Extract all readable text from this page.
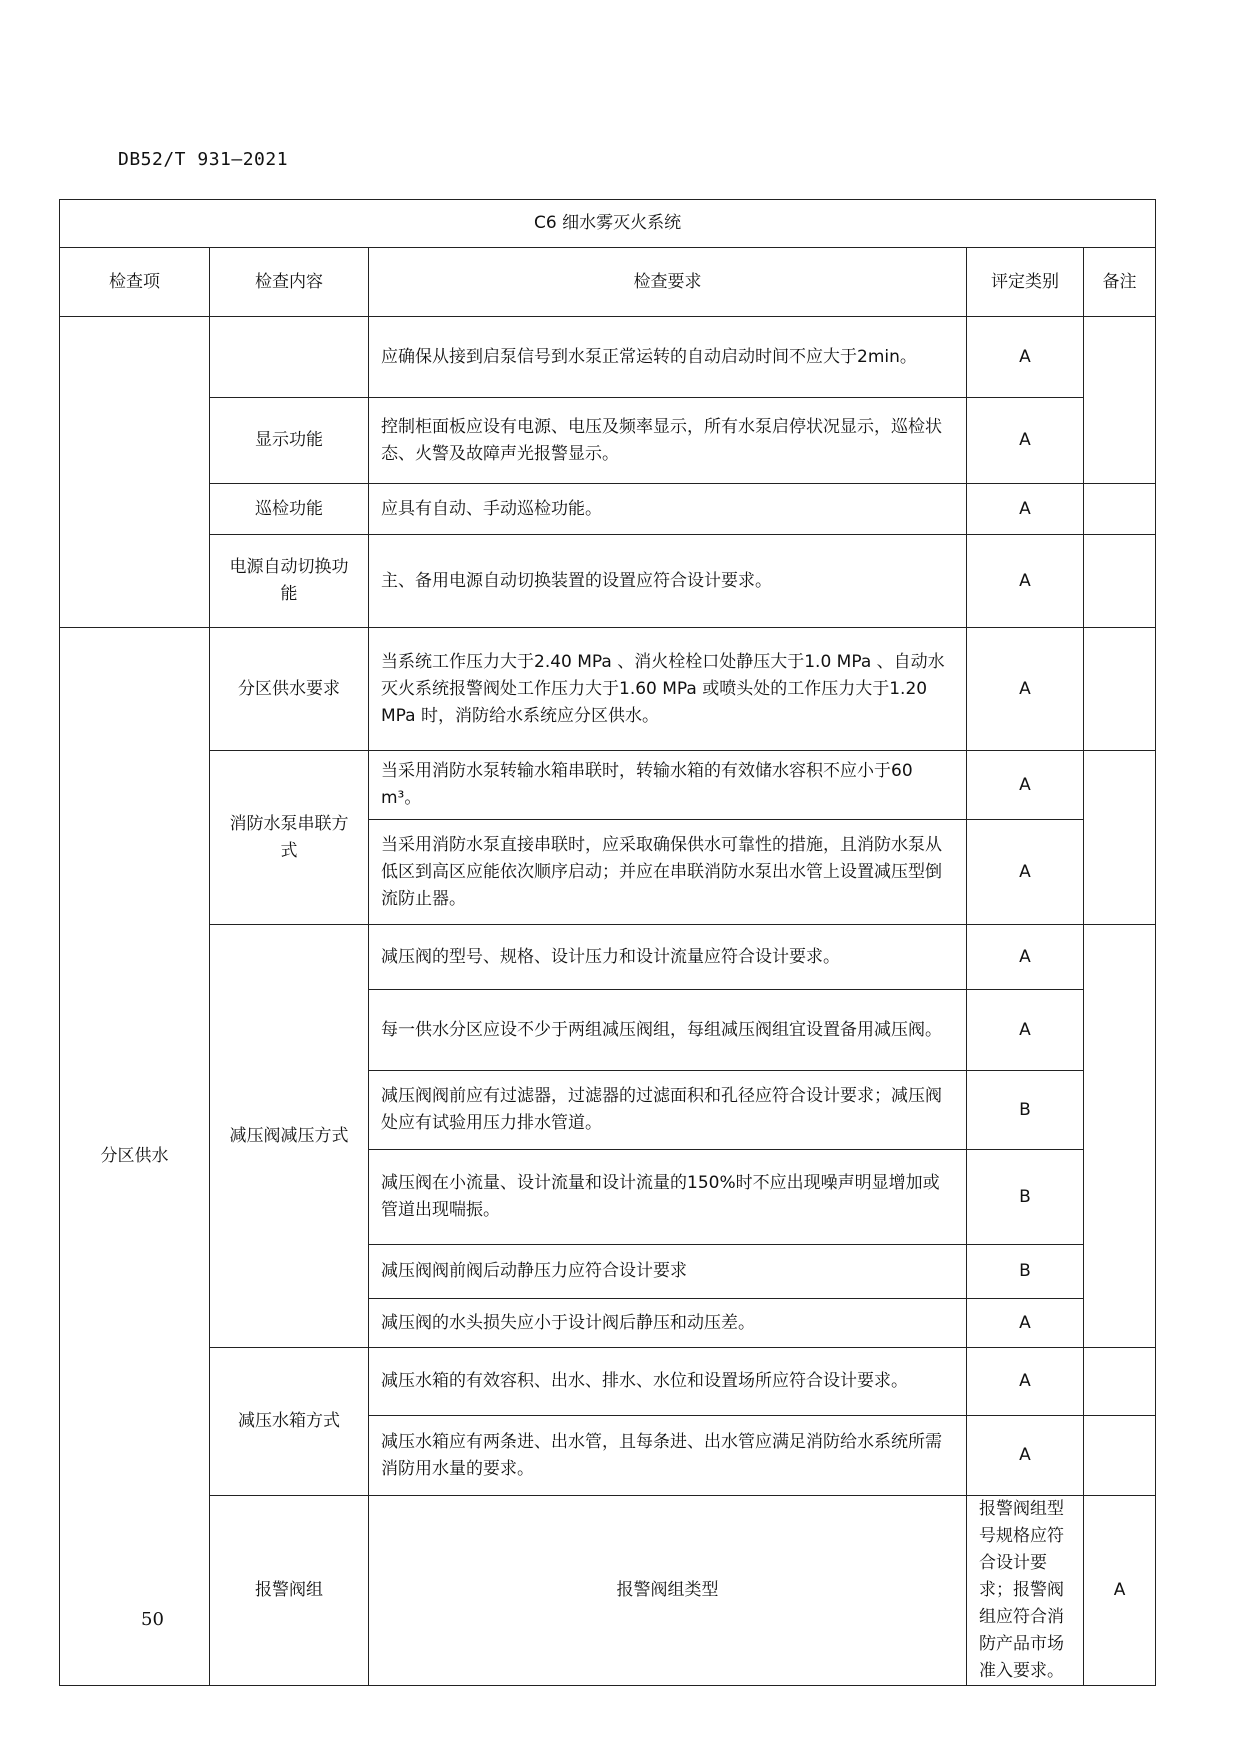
DB52/T 931—2021
C6 细水雾灭火系统					
检查项	检查内容	检查要求	评定类别	备注	
		应确保从接到启泵信号到水泵正常运转的自动启动时间不应大于2min。	A		
	显示功能	控制柜面板应设有电源、电压及频率显示，所有水泵启停状况显示，巡检状态、火警及故障声光报警显示。	A		
	巡检功能	应具有自动、手动巡检功能。	A		
	电源自动切换功能	主、备用电源自动切换装置的设置应符合设计要求。	A		
分区供水	分区供水要求	当系统工作压力大于2.40 MPa 、消火栓栓口处静压大于1.0 MPa 、自动水灭火系统报警阀处工作压力大于1.60 MPa 或喷头处的工作压力大于1.20 MPa 时，消防给水系统应分区供水。	A		
	消防水泵串联方式	当采用消防水泵转输水箱串联时，转输水箱的有效储水容积不应小于60 m³。	A		
		当采用消防水泵直接串联时，应采取确保供水可靠性的措施，且消防水泵从低区到高区应能依次顺序启动；并应在串联消防水泵出水管上设置减压型倒流防止器。	A		
	减压阀减压方式	减压阀的型号、规格、设计压力和设计流量应符合设计要求。	A		
		每一供水分区应设不少于两组减压阀组，每组减压阀组宜设置备用减压阀。	A		
		减压阀阀前应有过滤器，过滤器的过滤面积和孔径应符合设计要求；减压阀处应有试验用压力排水管道。	B		
		减压阀在小流量、设计流量和设计流量的150%时不应出现噪声明显增加或管道出现喘振。	B		
		减压阀阀前阀后动静压力应符合设计要求	B		
		减压阀的水头损失应小于设计阀后静压和动压差。	A		
	减压水箱方式	减压水箱的有效容积、出水、排水、水位和设置场所应符合设计要求。	A		
		减压水箱应有两条进、出水管，且每条进、出水管应满足消防给水系统所需消防用水量的要求。	A		
	报警阀组	报警阀组类型	报警阀组型号规格应符合设计要求；报警阀组应符合消防产品市场准入要求。	A	
50
